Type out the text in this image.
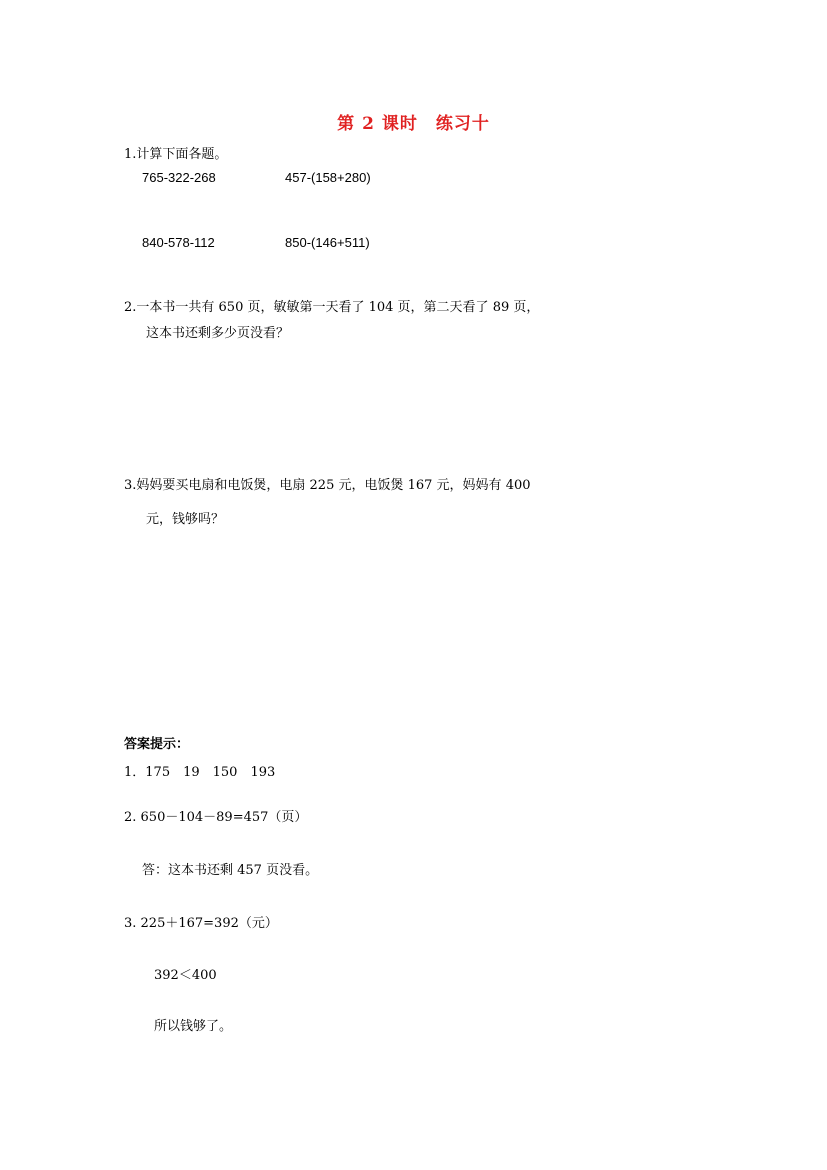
第 2 课时　练习十
1.计算下面各题。
765-322-268	457-(158+280)
840-578-112	850-(146+511)
2.一本书一共有 650 页，敏敏第一天看了 104 页，第二天看了 89 页，
这本书还剩多少页没看？
3.妈妈要买电扇和电饭煲，电扇 225 元，电饭煲 167 元，妈妈有 400
元，钱够吗？
答案提示：
1．175　19　150　193
2. 650－104－89=457（页）
答：这本书还剩 457 页没看。
3. 225＋167=392（元）
392＜400
所以钱够了。
